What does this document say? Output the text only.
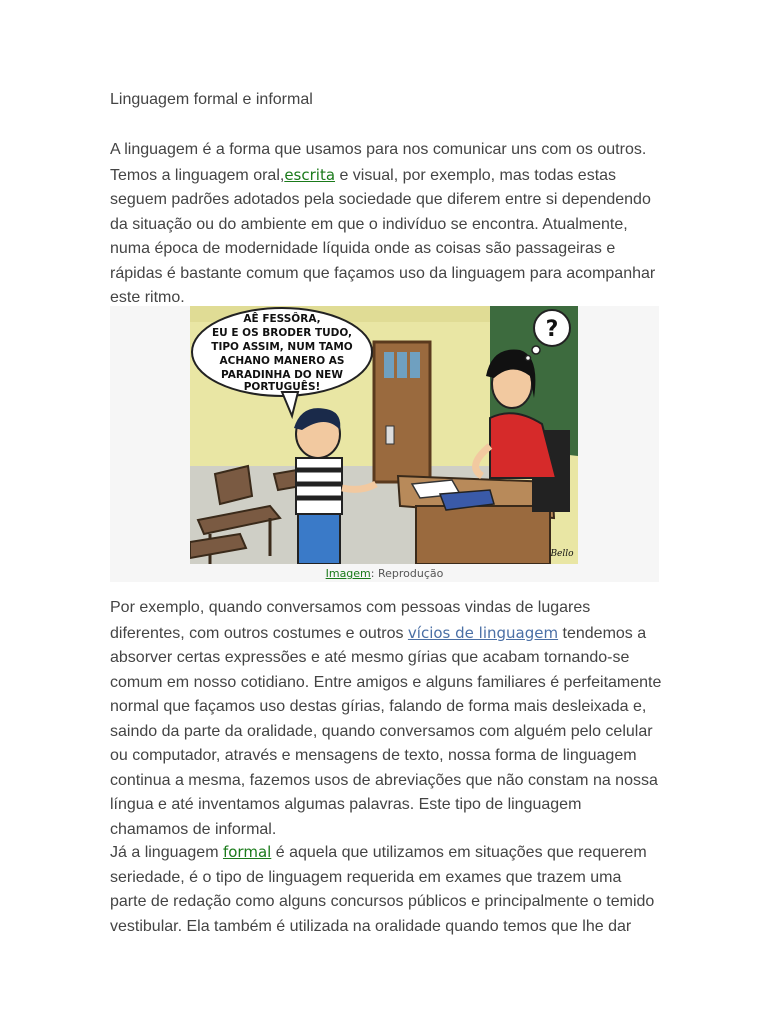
Linguagem formal e informal

A linguagem é a forma que usamos para nos comunicar uns com os outros. Temos a linguagem oral,escrita e visual, por exemplo, mas todas estas seguem padrões adotados pela sociedade que diferem entre si dependendo da situação ou do ambiente em que o indivíduo se encontra. Atualmente, numa época de modernidade líquida onde as coisas são passageiras e rápidas é bastante comum que façamos uso da linguagem para acompanhar este ritmo.

AÊ FESSÔRA,
EU E OS BRODER TUDO,
TIPO ASSIM, NUM TAMO
ACHANO MANERO AS
PARADINHA DO NEW
PORTUGUÊS!
?
Bello
Imagem: Reprodução

Por exemplo, quando conversamos com pessoas vindas de lugares diferentes, com outros costumes e outros vícios de linguagem tendemos a absorver certas expressões e até mesmo gírias que acabam tornando-se comum em nosso cotidiano. Entre amigos e alguns familiares é perfeitamente normal que façamos uso destas gírias, falando de forma mais desleixada e, saindo da parte da oralidade, quando conversamos com alguém pelo celular ou computador, através e mensagens de texto, nossa forma de linguagem continua a mesma, fazemos usos de abreviações que não constam na nossa língua e até inventamos algumas palavras. Este tipo de linguagem chamamos de informal.

Já a linguagem formal é aquela que utilizamos em situações que requerem seriedade, é o tipo de linguagem requerida em exames que trazem uma parte de redação como alguns concursos públicos e principalmente o temido vestibular. Ela também é utilizada na oralidade quando temos que lhe dar
